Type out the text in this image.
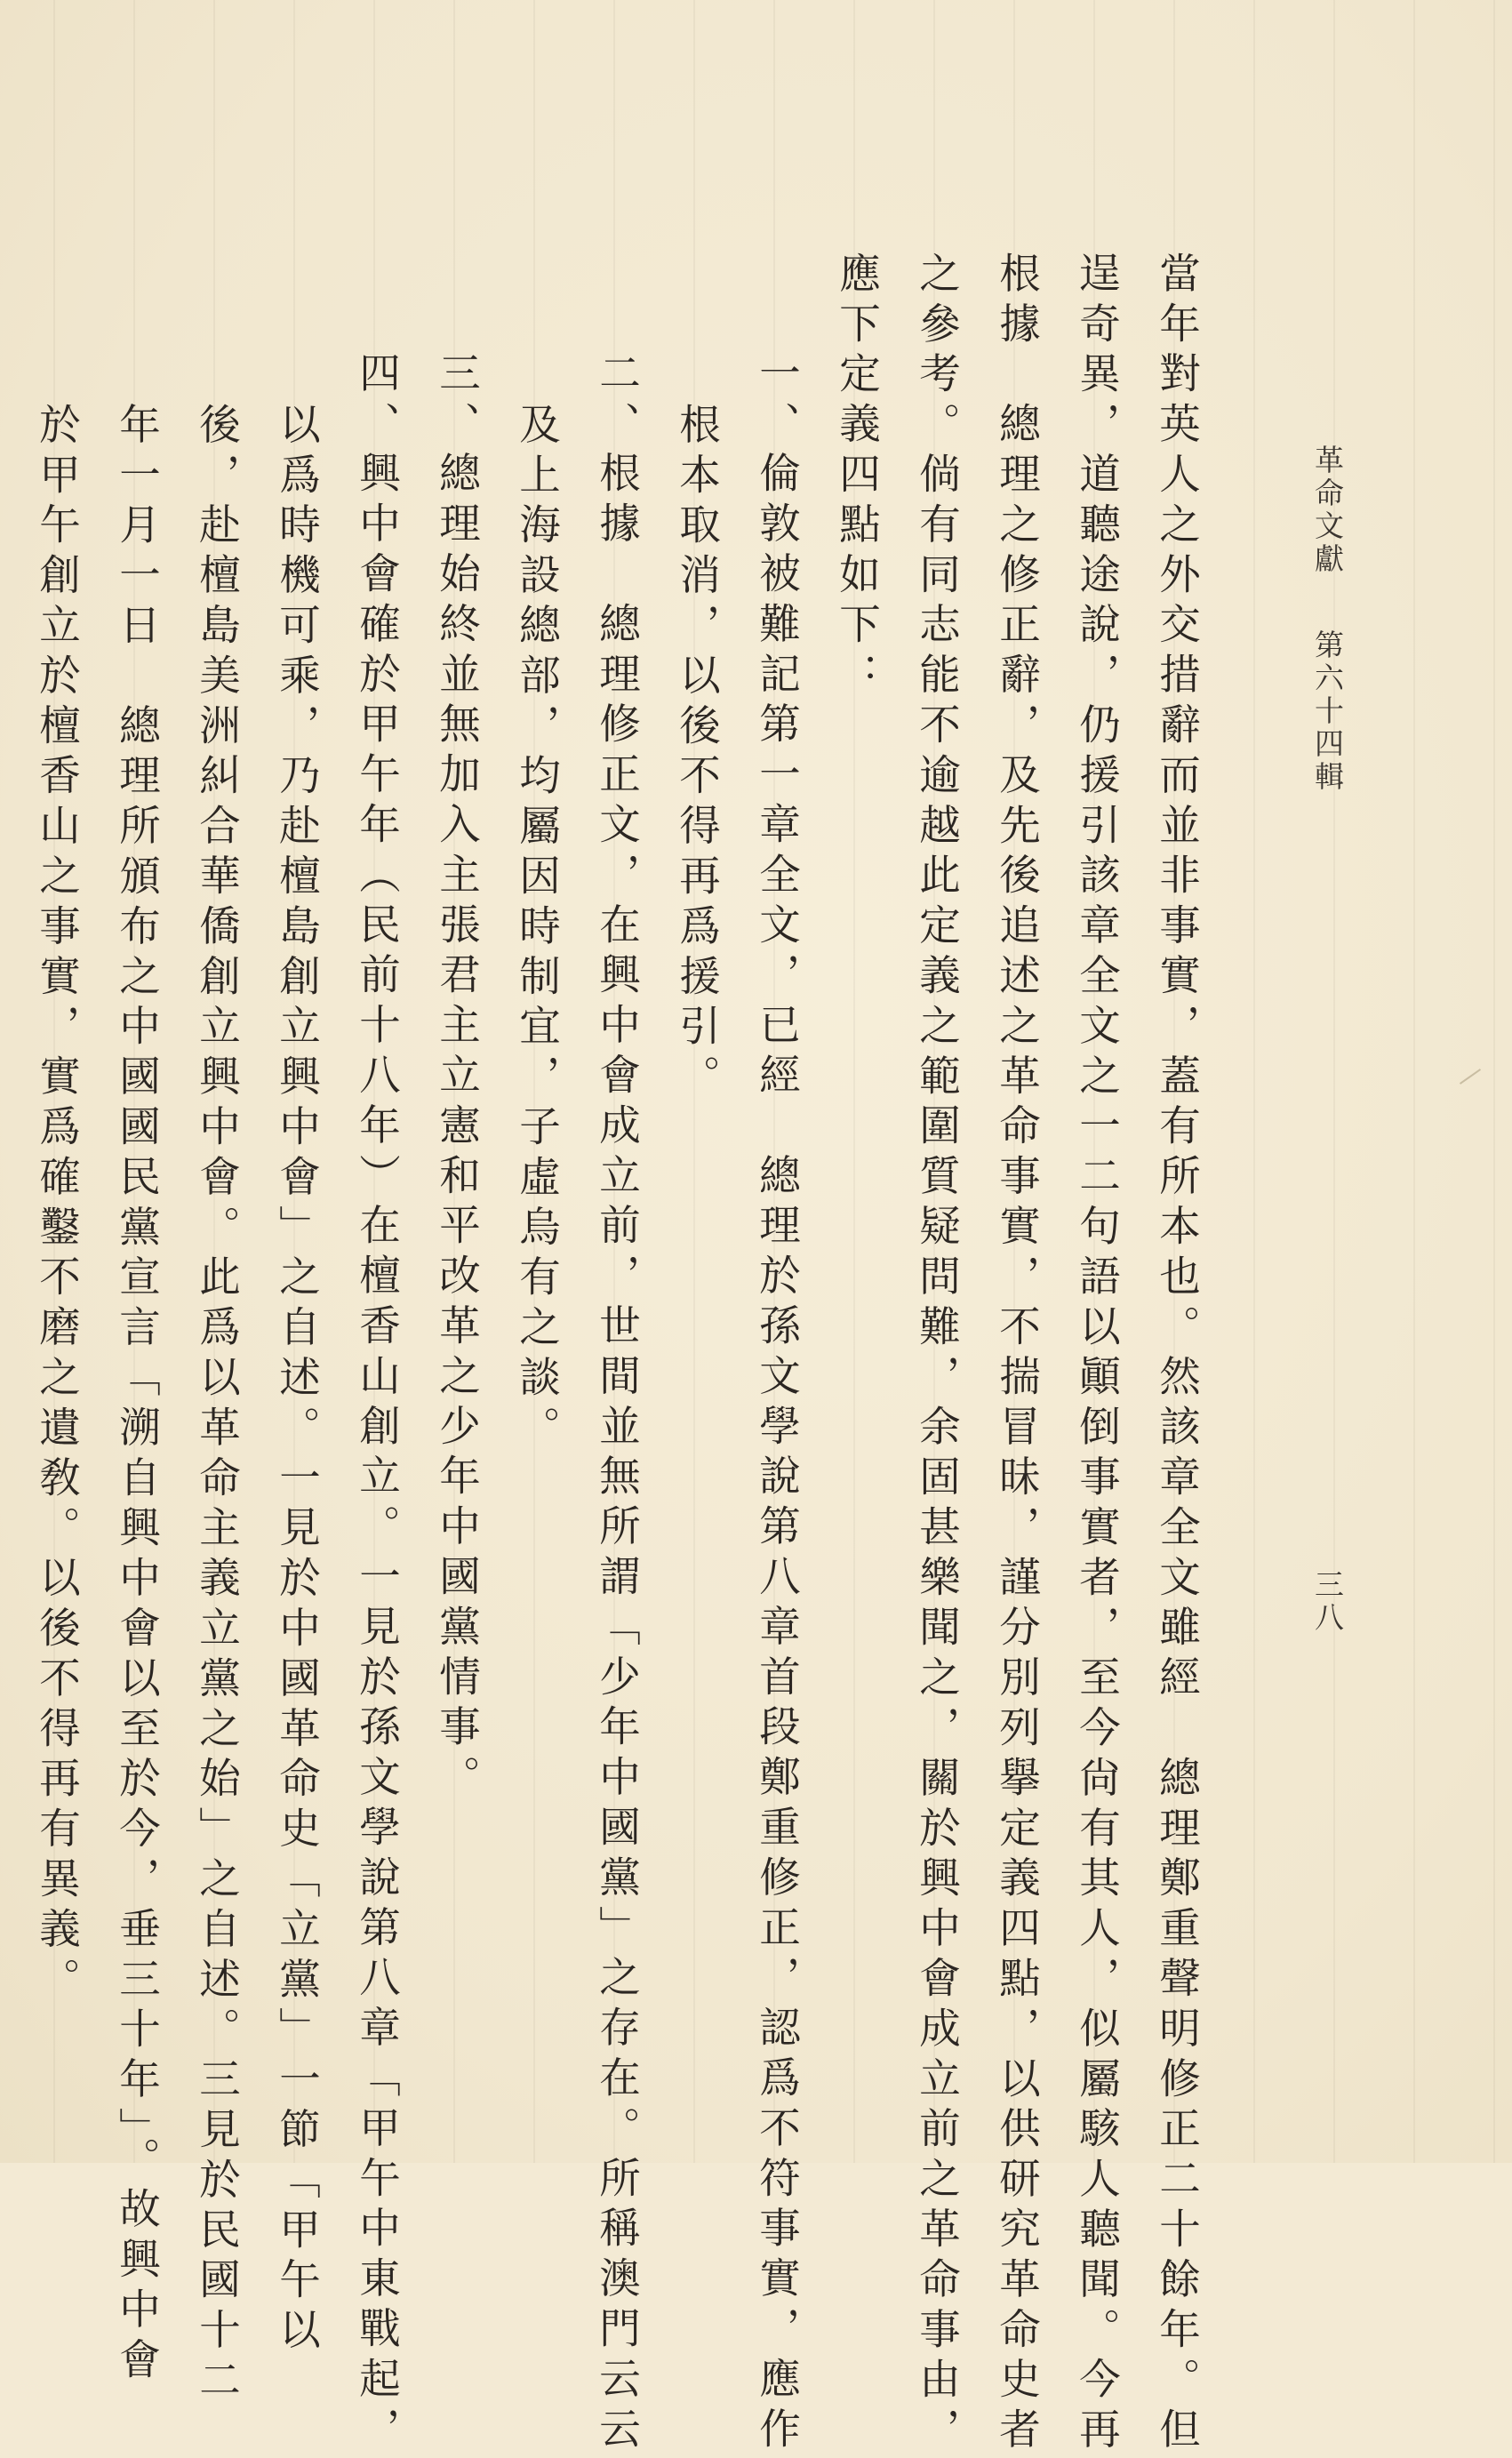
革命文獻第六十四輯
三八
當年對英人之外交措辭而並非事實，蓋有所本也。然該章全文雖經　總理鄭重聲明修正二十餘年。但
逞奇異，道聽途說，仍援引該章全文之一二句語以顚倒事實者，至今尙有其人，似屬駭人聽聞。今再
根據　總理之修正辭，及先後追述之革命事實，不揣冒昧，謹分別列擧定義四點，以供研究革命史者
之參考。倘有同志能不逾越此定義之範圍質疑問難，余固甚樂聞之，關於興中會成立前之革命事由，
應下定義四點如下：
一、倫敦被難記第一章全文，已經　總理於孫文學說第八章首段鄭重修正，認爲不符事實，應作
根本取消，以後不得再爲援引。
二、根據　總理修正文，在興中會成立前，世間並無所謂「少年中國黨」之存在。所稱澳門云云
及上海設總部，均屬因時制宜，子虛烏有之談。
三、總理始終並無加入主張君主立憲和平改革之少年中國黨情事。
四、興中會確於甲午年（民前十八年）在檀香山創立。一見於孫文學說第八章「甲午中東戰起，
以爲時機可乘，乃赴檀島創立興中會」之自述。一見於中國革命史「立黨」一節「甲午以
後，赴檀島美洲糾合華僑創立興中會。此爲以革命主義立黨之始」之自述。三見於民國十二
年一月一日　總理所頒布之中國國民黨宣言「溯自興中會以至於今，垂三十年」。故興中會
於甲午創立於檀香山之事實，實爲確鑿不磨之遺敎。以後不得再有異義。
